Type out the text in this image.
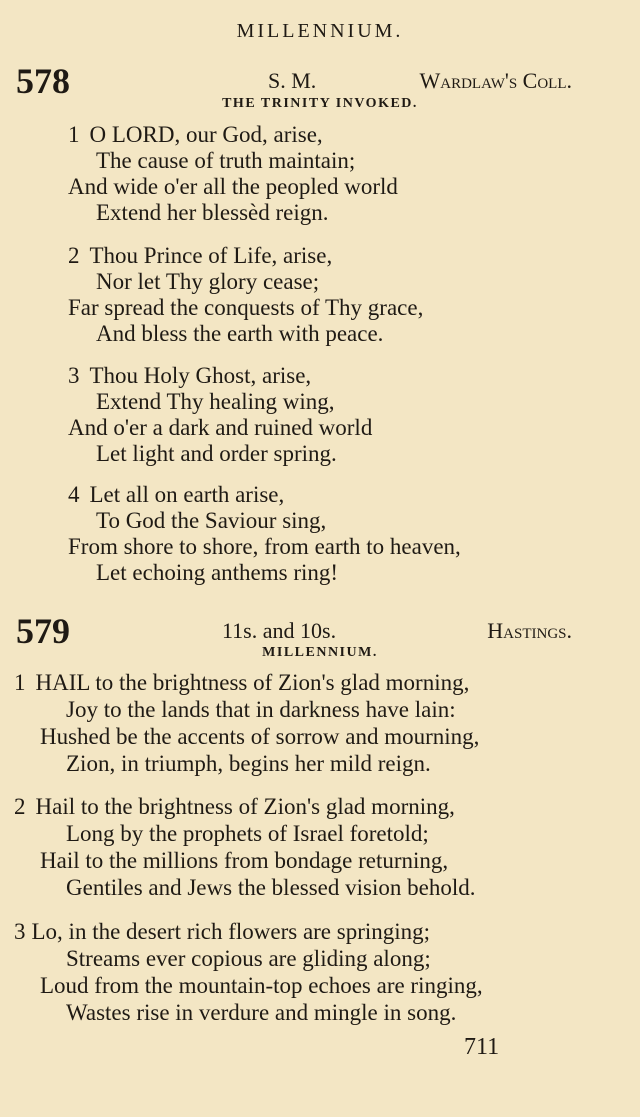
MILLENNIUM.
578	S. M.	Wardlaw's Coll.
THE TRINITY INVOKED.
1 O LORD, our God, arise,
The cause of truth maintain;
And wide o'er all the peopled world
Extend her blessèd reign.
2 Thou Prince of Life, arise,
Nor let Thy glory cease;
Far spread the conquests of Thy grace,
And bless the earth with peace.
3 Thou Holy Ghost, arise,
Extend Thy healing wing,
And o'er a dark and ruined world
Let light and order spring.
4 Let all on earth arise,
To God the Saviour sing,
From shore to shore, from earth to heaven,
Let echoing anthems ring!
579	11s. and 10s.	Hastings.
MILLENNIUM.
1 HAIL to the brightness of Zion's glad morning,
Joy to the lands that in darkness have lain:
Hushed be the accents of sorrow and mourning,
Zion, in triumph, begins her mild reign.
2 Hail to the brightness of Zion's glad morning,
Long by the prophets of Israel foretold;
Hail to the millions from bondage returning,
Gentiles and Jews the blessed vision behold.
3 Lo, in the desert rich flowers are springing;
Streams ever copious are gliding along;
Loud from the mountain-top echoes are ringing,
Wastes rise in verdure and mingle in song.
711
